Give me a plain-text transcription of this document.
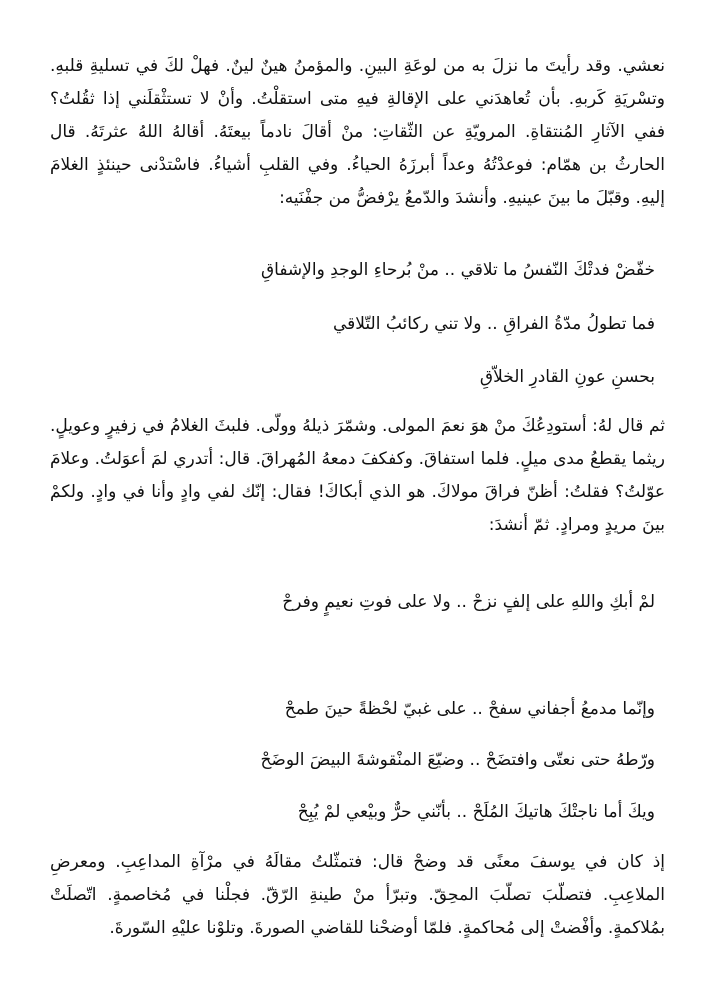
نعشي. وقد رأيتَ ما نزلَ به من لوعَةِ البينِ. والمؤمنُ هينٌ لينٌ. فهلْ لكَ في تسليةِ قلبهِ. وتسْريَةِ كَربهِ. بأن تُعاهدَني على الإقالةِ فيهِ متى استقلْتُ. وأنْ لا تستثْقلَني إذا ثقُلتُ؟ ففي الآثارِ المُنتقاةِ. المرويّةِ عن الثّقاتِ: منْ أقالَ نادماً بيعتَهُ. أقالهُ اللهُ عثرتَهُ. قال الحارثُ بن همّام: فوعدْتُهُ وعداً أبرزَهُ الحياءُ. وفي القلبِ أشياءُ. فاسْتدْنى حينئذٍ الغلامَ إليهِ. وقبّلَ ما بينَ عينيهِ. وأنشدَ والدّمعُ يرْفضُّ من جفْنَيه:

خفّضْ فدتْكَ النّفسُ ما تلاقي .. منْ بُرحاءِ الوجدِ والإشفاقِ
فما تطولُ مدّةُ الفراقِ .. ولا تني ركائبُ التّلاقي
بحسنِ عونِ القادرِ الخلاّقِ

ثم قال لهُ: أستودِعُكَ منْ هوَ نعمَ المولى. وشمّرَ ذيلهُ وولّى. فلبثَ الغلامُ في زفيرٍ وعويلٍ. ريثما يقطعُ مدى ميلٍ. فلما استفاقَ. وكفكفَ دمعهُ المُهراقَ. قال: أتدري لمَ أعوَلتُ. وعلامَ عوّلتُ؟ فقلتُ: أظنّ فراقَ مولاكَ. هو الذي أبكاكَ! فقال: إنّك لفي وادٍ وأنا في وادٍ. ولكمْ بينَ مريدٍ ومرادٍ. ثمّ أنشدَ:

لمْ أبكِ واللهِ على إلفٍ نزحْ .. ولا على فوتِ نعيمٍ وفرحْ
وإنّما مدمعُ أجفاني سفحْ .. على غبيّ لحْظةً حينَ طمحْ
ورّطهُ حتى نعتّى وافتضَحْ .. وضيّعَ المنْقوشةَ البيضَ الوضَحْ
ويكَ أما ناجتْكَ هاتيكَ المُلَحْ .. بأنّني حرٌّ وبيْعي لمْ يُبِحْ

إذ كان في يوسفَ معنًى قد وضحْ قال: فتمثّلتُ مقالَهُ في مرْآةِ المداعِبِ. ومعرضِ الملاعِبِ. فتصلّبَ تصلّبَ المحِقّ. وتبرّأ منْ طينةِ الرّقّ. فجلْنا في مُخاصمةٍ. اتّصلَتْ بمُلاكمةٍ. وأفْضتْ إلى مُحاكمةٍ. فلمّا أوضحْنا للقاضي الصورةَ. وتلوْنا عليْهِ السّورةَ.
